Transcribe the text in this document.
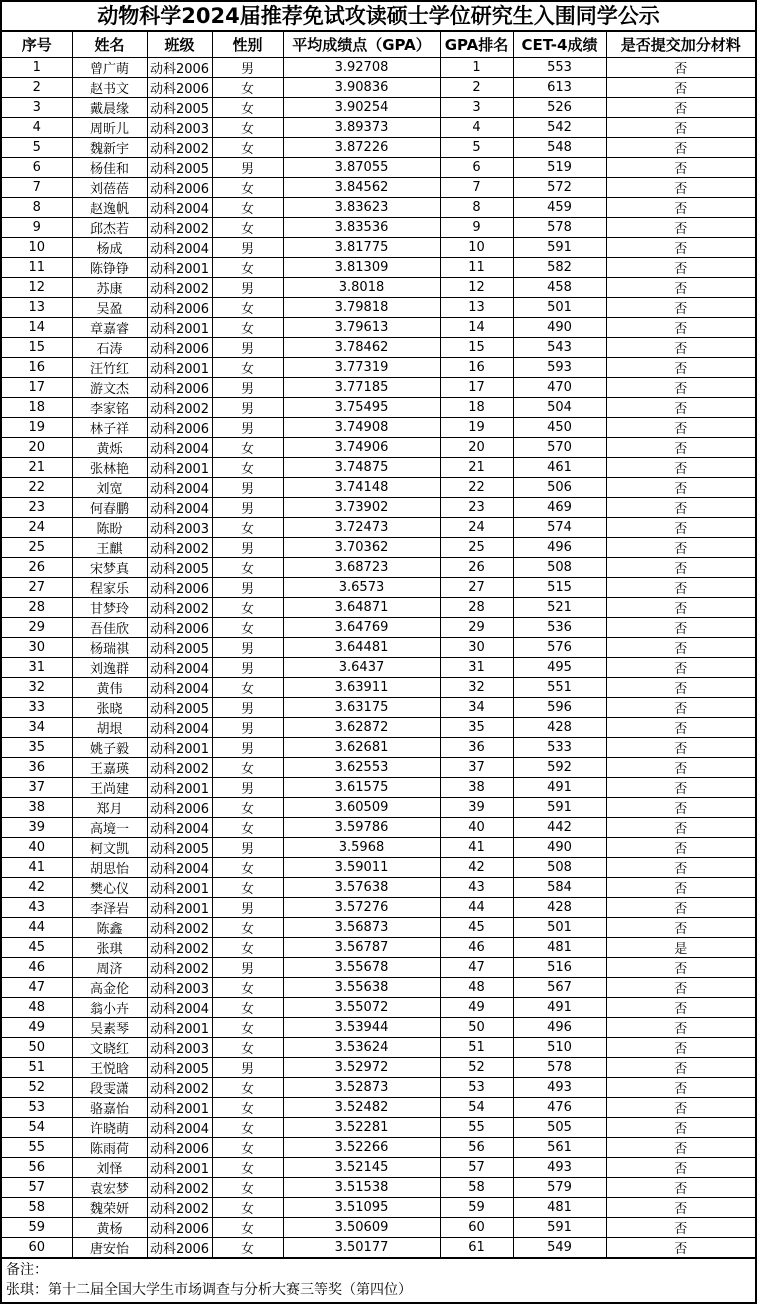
动物科学2024届推荐免试攻读硕士学位研究生入围同学公示
序号	姓名	班级	性别	平均成绩点（GPA）	GPA排名	CET-4成绩	是否提交加分材料
1	曾广萌	动科2006	男	3.92708	1	553	否
2	赵书文	动科2006	女	3.90836	2	613	否
3	戴晨缘	动科2005	女	3.90254	3	526	否
4	周昕儿	动科2003	女	3.89373	4	542	否
5	魏新宇	动科2002	女	3.87226	5	548	否
6	杨佳和	动科2005	男	3.87055	6	519	否
7	刘蓓蓓	动科2006	女	3.84562	7	572	否
8	赵逸帆	动科2004	女	3.83623	8	459	否
9	邱杰若	动科2002	女	3.83536	9	578	否
10	杨成	动科2004	男	3.81775	10	591	否
11	陈铮铮	动科2001	女	3.81309	11	582	否
12	苏康	动科2002	男	3.8018	12	458	否
13	吴盈	动科2006	女	3.79818	13	501	否
14	章嘉睿	动科2001	女	3.79613	14	490	否
15	石涛	动科2006	男	3.78462	15	543	否
16	汪竹红	动科2001	女	3.77319	16	593	否
17	游文杰	动科2006	男	3.77185	17	470	否
18	李家铭	动科2002	男	3.75495	18	504	否
19	林子祥	动科2006	男	3.74908	19	450	否
20	黄烁	动科2004	女	3.74906	20	570	否
21	张林艳	动科2001	女	3.74875	21	461	否
22	刘宽	动科2004	男	3.74148	22	506	否
23	何春鹏	动科2004	男	3.73902	23	469	否
24	陈盼	动科2003	女	3.72473	24	574	否
25	王麒	动科2002	男	3.70362	25	496	否
26	宋梦真	动科2005	女	3.68723	26	508	否
27	程家乐	动科2006	男	3.6573	27	515	否
28	甘梦玲	动科2002	女	3.64871	28	521	否
29	吾佳欣	动科2006	女	3.64769	29	536	否
30	杨瑞祺	动科2005	男	3.64481	30	576	否
31	刘逸群	动科2004	男	3.6437	31	495	否
32	黄伟	动科2004	女	3.63911	32	551	否
33	张晓	动科2005	男	3.63175	34	596	否
34	胡垠	动科2004	男	3.62872	35	428	否
35	姚子毅	动科2001	男	3.62681	36	533	否
36	王嘉瑛	动科2002	女	3.62553	37	592	否
37	王尚建	动科2001	男	3.61575	38	491	否
38	郑月	动科2006	女	3.60509	39	591	否
39	高境一	动科2004	女	3.59786	40	442	否
40	柯文凯	动科2005	男	3.5968	41	490	否
41	胡思怡	动科2004	女	3.59011	42	508	否
42	樊心仪	动科2001	女	3.57638	43	584	否
43	李泽岩	动科2001	男	3.57276	44	428	否
44	陈鑫	动科2002	女	3.56873	45	501	否
45	张琪	动科2002	女	3.56787	46	481	是
46	周济	动科2002	男	3.55678	47	516	否
47	高金伦	动科2003	女	3.55638	48	567	否
48	翁小卉	动科2004	女	3.55072	49	491	否
49	吴素琴	动科2001	女	3.53944	50	496	否
50	文晓红	动科2003	女	3.53624	51	510	否
51	王悦晗	动科2005	男	3.52972	52	578	否
52	段雯潇	动科2002	女	3.52873	53	493	否
53	骆嘉怡	动科2001	女	3.52482	54	476	否
54	许晓萌	动科2004	女	3.52281	55	505	否
55	陈雨荷	动科2006	女	3.52266	56	561	否
56	刘怿	动科2001	女	3.52145	57	493	否
57	袁宏梦	动科2002	女	3.51538	58	579	否
58	魏荣妍	动科2002	女	3.51095	59	481	否
59	黄杨	动科2006	女	3.50609	60	591	否
60	唐安怡	动科2006	女	3.50177	61	549	否
备注：
张琪：第十二届全国大学生市场调查与分析大赛三等奖（第四位）
